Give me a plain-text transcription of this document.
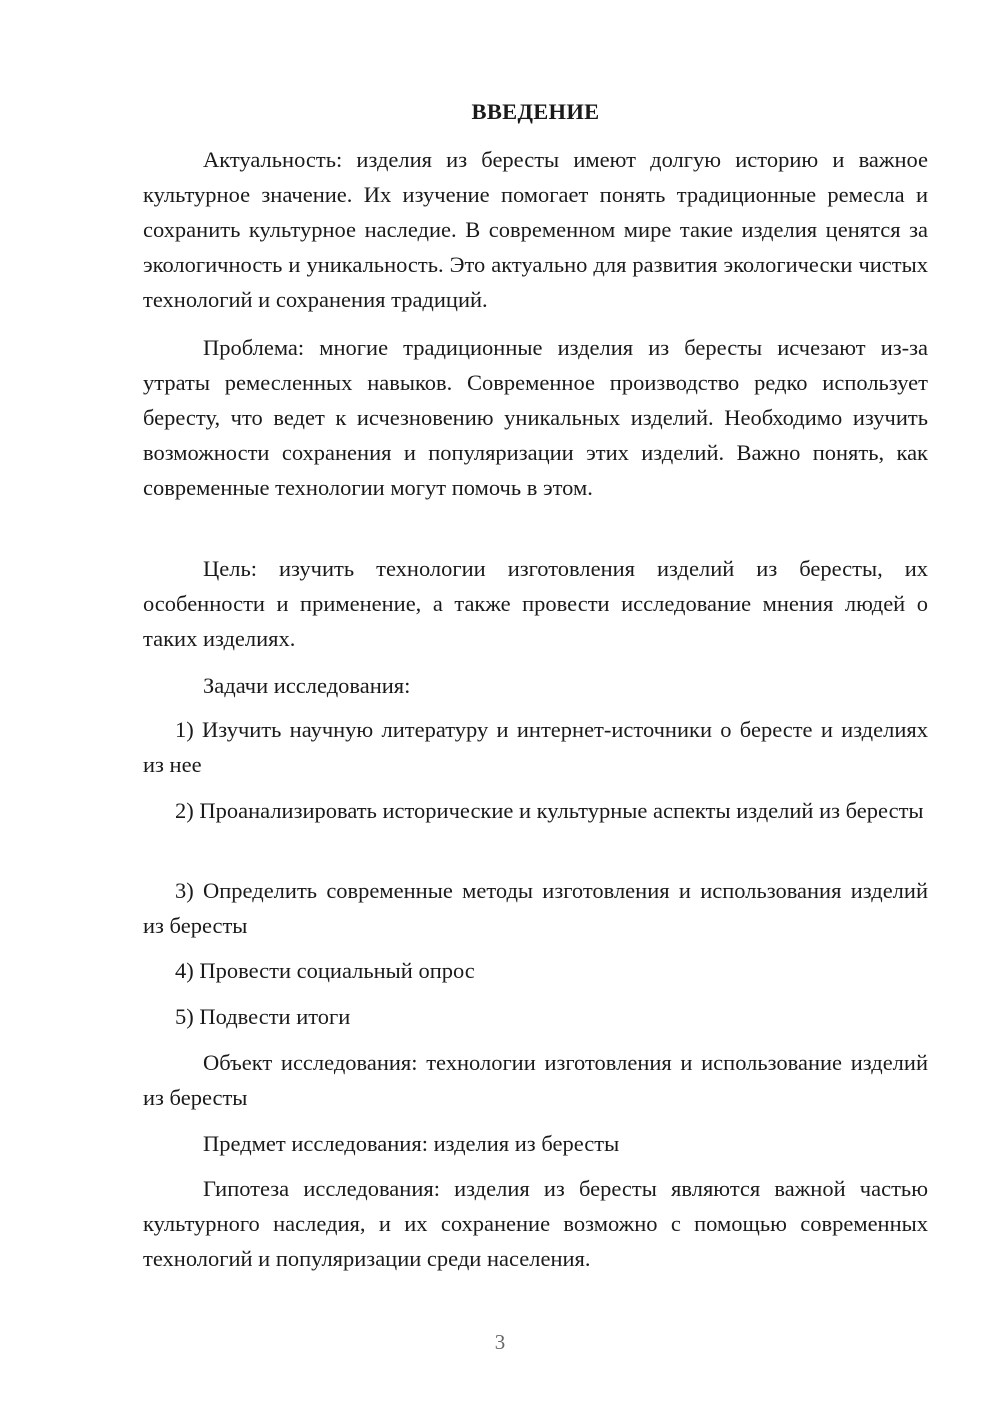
ВВЕДЕНИЕ

Актуальность: изделия из бересты имеют долгую историю и важное культурное значение. Их изучение помогает понять традиционные ремесла и сохранить культурное наследие. В современном мире такие изделия ценятся за экологичность и уникальность. Это актуально для развития экологически чистых технологий и сохранения традиций.

Проблема: многие традиционные изделия из бересты исчезают из-за утраты ремесленных навыков. Современное производство редко использует бересту, что ведет к исчезновению уникальных изделий. Необходимо изучить возможности сохранения и популяризации этих изделий. Важно понять, как современные технологии могут помочь в этом.

Цель: изучить технологии изготовления изделий из бересты, их особенности и применение, а также провести исследование мнения людей о таких изделиях.

Задачи исследования:

1) Изучить научную литературу и интернет-источники о бересте и изделиях из нее

2) Проанализировать исторические и культурные аспекты изделий из бересты

3) Определить современные методы изготовления и использования изделий из бересты

4) Провести социальный опрос

5) Подвести итоги

Объект исследования: технологии изготовления и использование изделий из бересты

Предмет исследования: изделия из бересты

Гипотеза исследования: изделия из бересты являются важной частью культурного наследия, и их сохранение возможно с помощью современных технологий и популяризации среди населения.

3
